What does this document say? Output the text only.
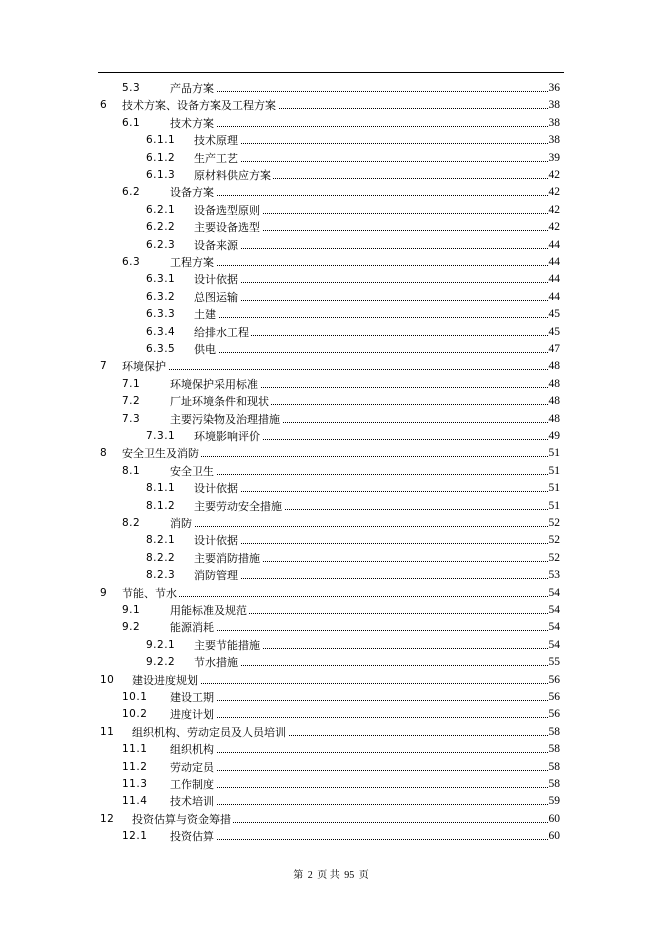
5.3	产品方案	36
6 技术方案、设备方案及工程方案	38
6.1	技术方案	38
6.1.1 技术原理	38
6.1.2 生产工艺	39
6.1.3 原材料供应方案	42
6.2	设备方案	42
6.2.1 设备选型原则	42
6.2.2 主要设备选型	42
6.2.3 设备来源	44
6.3	工程方案	44
6.3.1 设计依据	44
6.3.2 总图运输	44
6.3.3 土建	45
6.3.4 给排水工程	45
6.3.5 供电	47
7 环境保护	48
7.1	环境保护采用标准	48
7.2	厂址环境条件和现状	48
7.3	主要污染物及治理措施	48
7.3.1 环境影响评价	49
8 安全卫生及消防	51
8.1	安全卫生	51
8.1.1 设计依据	51
8.1.2 主要劳动安全措施	51
8.2	消防	52
8.2.1 设计依据	52
8.2.2 主要消防措施	52
8.2.3 消防管理	53
9 节能、节水	54
9.1	用能标准及规范	54
9.2	能源消耗	54
9.2.1 主要节能措施	54
9.2.2 节水措施	55
10 建设进度规划	56
10.1 建设工期	56
10.2 进度计划	56
11 组织机构、劳动定员及人员培训	58
11.1 组织机构	58
11.2 劳动定员	58
11.3 工作制度	58
11.4 技术培训	59
12 投资估算与资金筹措	60
12.1 投资估算	60
第 2 页 共 95 页
